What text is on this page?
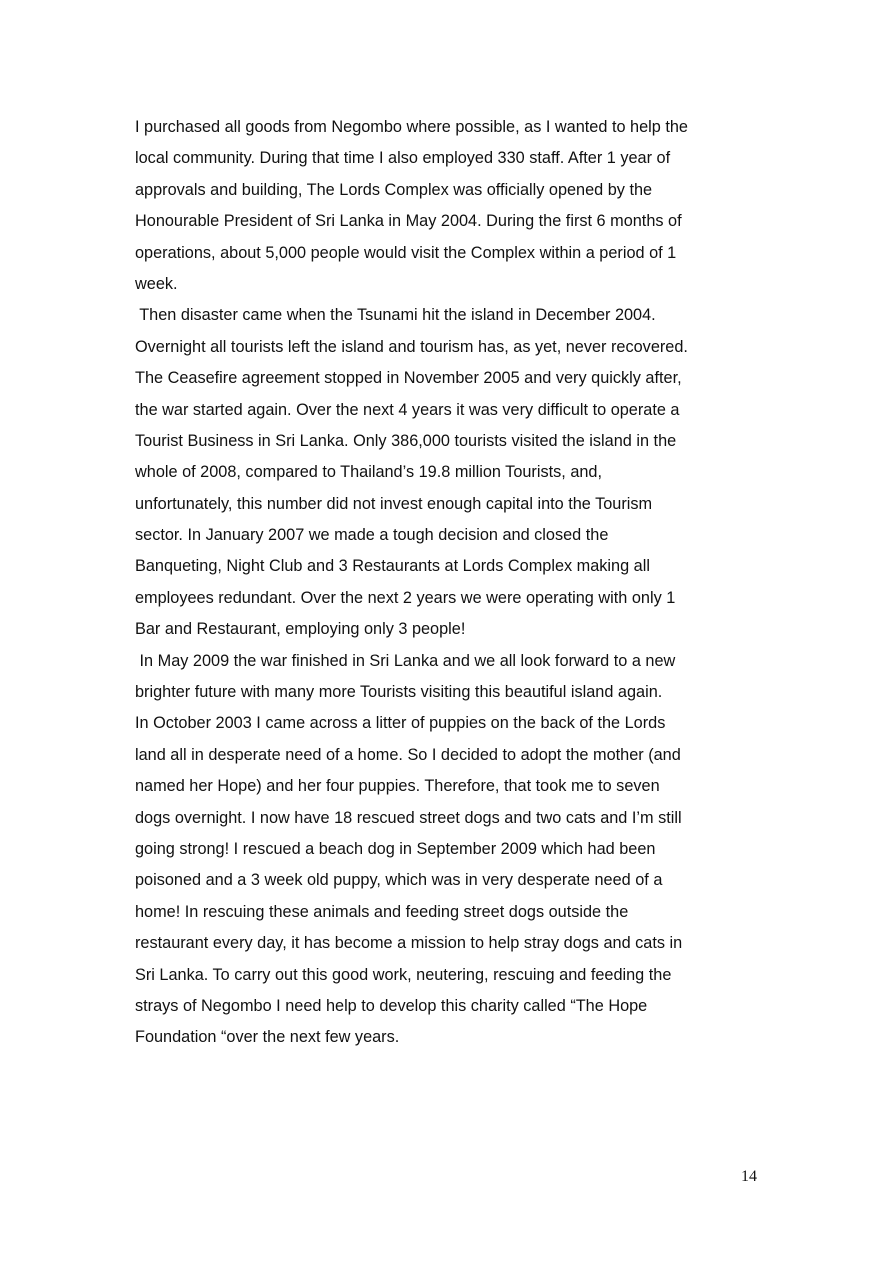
I purchased all goods from Negombo where possible, as I wanted to help the
local community. During that time I also employed 330 staff. After 1 year of
approvals and building, The Lords Complex was officially opened by the
Honourable President of Sri Lanka in May 2004. During the first 6 months of
operations, about 5,000 people would visit the Complex within a period of 1
week.
Then disaster came when the Tsunami hit the island in December 2004.
Overnight all tourists left the island and tourism has, as yet, never recovered.
The Ceasefire agreement stopped in November 2005 and very quickly after,
the war started again. Over the next 4 years it was very difficult to operate a
Tourist Business in Sri Lanka. Only 386,000 tourists visited the island in the
whole of 2008, compared to Thailand’s 19.8 million Tourists, and,
unfortunately, this number did not invest enough capital into the Tourism
sector. In January 2007 we made a tough decision and closed the
Banqueting, Night Club and 3 Restaurants at Lords Complex making all
employees redundant. Over the next 2 years we were operating with only 1
Bar and Restaurant, employing only 3 people!
In May 2009 the war finished in Sri Lanka and we all look forward to a new
brighter future with many more Tourists visiting this beautiful island again.
In October 2003 I came across a litter of puppies on the back of the Lords
land all in desperate need of a home. So I decided to adopt the mother (and
named her Hope) and her four puppies. Therefore, that took me to seven
dogs overnight. I now have 18 rescued street dogs and two cats and I’m still
going strong! I rescued a beach dog in September 2009 which had been
poisoned and a 3 week old puppy, which was in very desperate need of a
home! In rescuing these animals and feeding street dogs outside the
restaurant every day, it has become a mission to help stray dogs and cats in
Sri Lanka. To carry out this good work, neutering, rescuing and feeding the
strays of Negombo I need help to develop this charity called “The Hope
Foundation “over the next few years.
14
